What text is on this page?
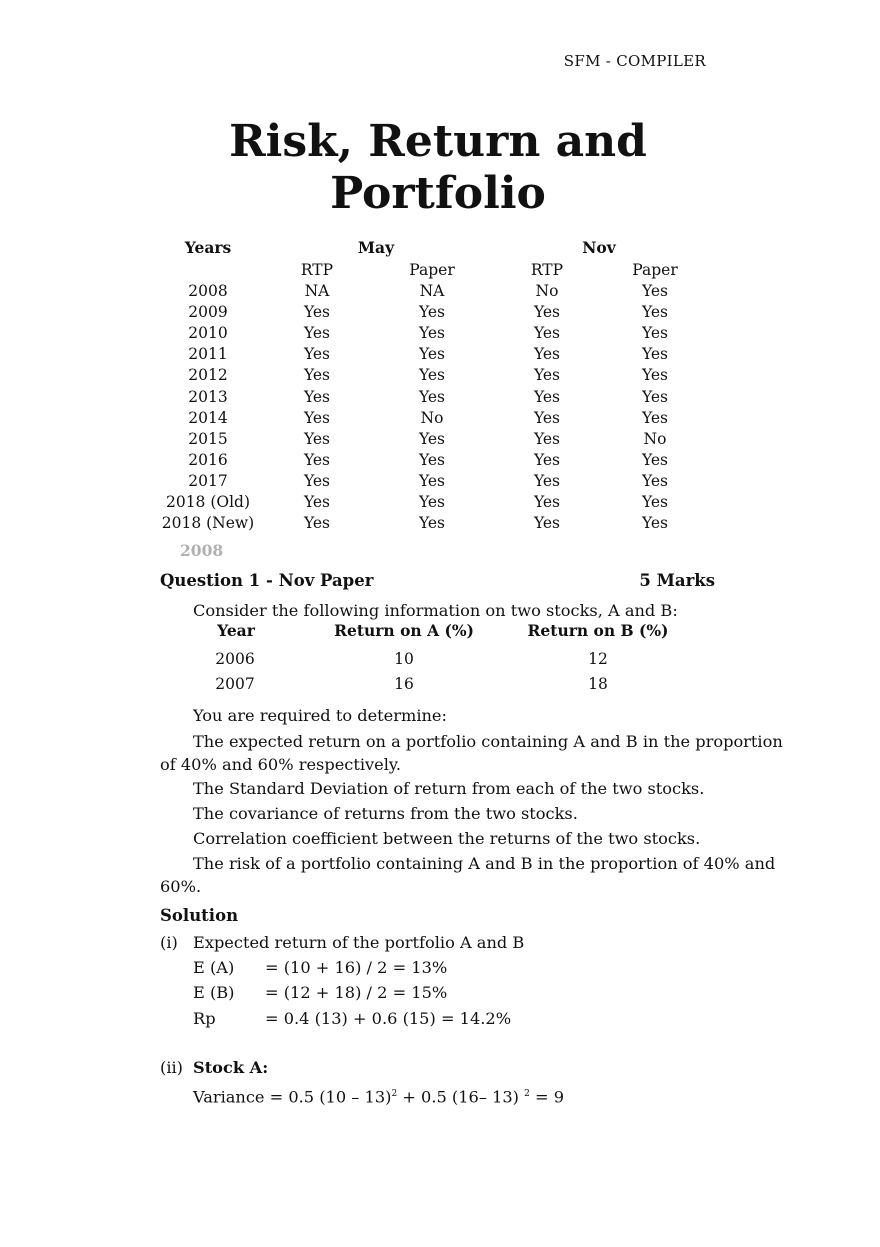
SFM - COMPILER
Risk, Return and
Portfolio
Years	May	Nov
RTP	Paper	RTP	Paper
2008	NA	NA	No	Yes
2009	Yes	Yes	Yes	Yes
2010	Yes	Yes	Yes	Yes
2011	Yes	Yes	Yes	Yes
2012	Yes	Yes	Yes	Yes
2013	Yes	Yes	Yes	Yes
2014	Yes	No	Yes	Yes
2015	Yes	Yes	Yes	No
2016	Yes	Yes	Yes	Yes
2017	Yes	Yes	Yes	Yes
2018 (Old)	Yes	Yes	Yes	Yes
2018 (New)	Yes	Yes	Yes	Yes
2008
Question 1 - Nov Paper	5 Marks
Consider the following information on two stocks, A and B:
Year	Return on A (%)	Return on B (%)
2006	10	12
2007	16	18
You are required to determine:
The expected return on a portfolio containing A and B in the proportion
of 40% and 60% respectively.
The Standard Deviation of return from each of the two stocks.
The covariance of returns from the two stocks.
Correlation coefficient between the returns of the two stocks.
The risk of a portfolio containing A and B in the proportion of 40% and
60%.
Solution
(i) Expected return of the portfolio A and B
E (A) = (10 + 16) / 2 = 13%
E (B) = (12 + 18) / 2 = 15%
Rp	= 0.4 (13) + 0.6 (15) = 14.2%
(ii) Stock A:
Variance = 0.5 (10 – 13)$^2$ + 0.5 (16– 13) $^2$ = 9
